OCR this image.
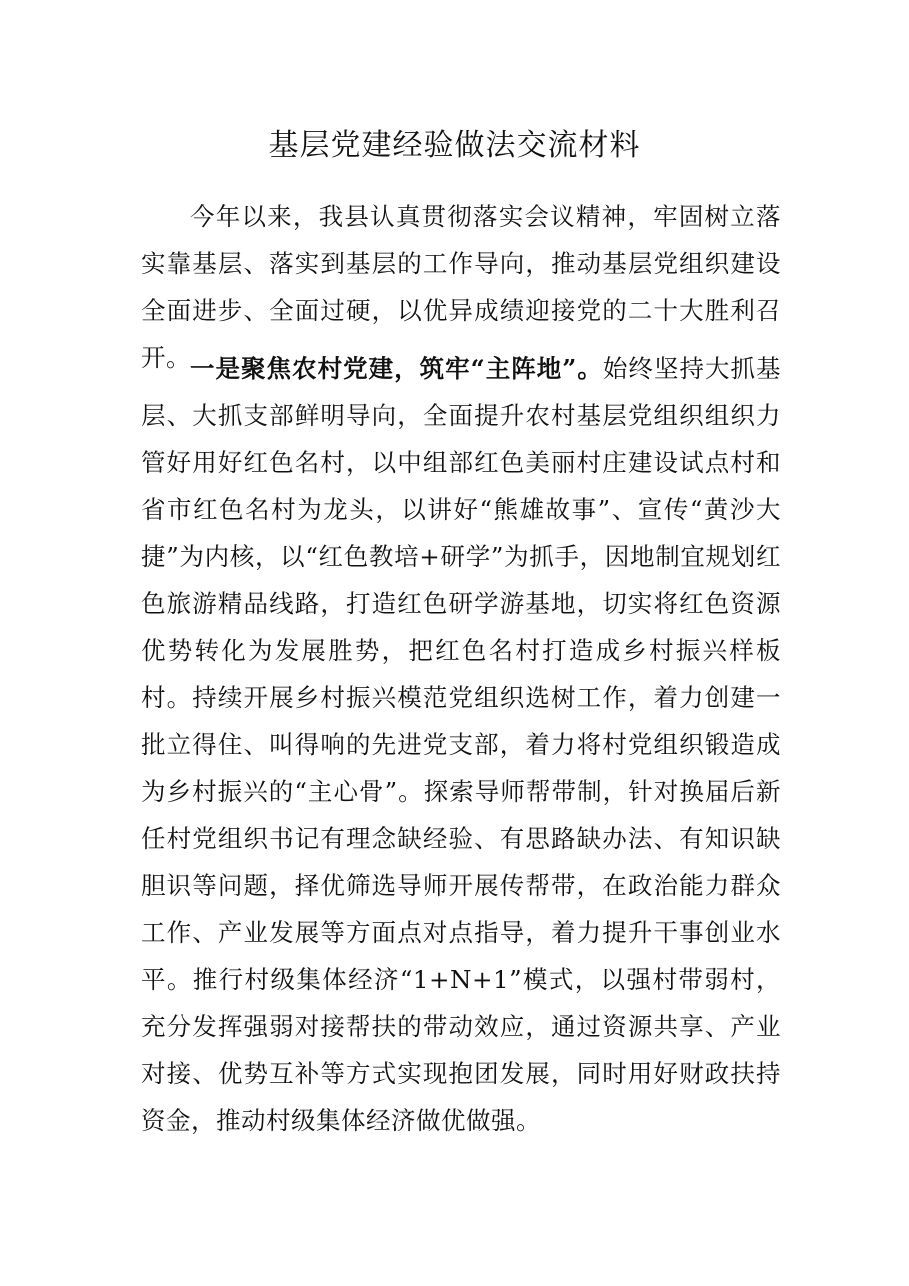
基层党建经验做法交流材料

今年以来，我县认真贯彻落实会议精神，牢固树立落实靠基层、落实到基层的工作导向，推动基层党组织建设全面进步、全面过硬，以优异成绩迎接党的二十大胜利召开。 一是聚焦农村党建，筑牢“主阵地”。始终坚持大抓基层、大抓支部鲜明导向，全面提升农村基层党组织组织力管好用好红色名村，以中组部红色美丽村庄建设试点村和省市红色名村为龙头，以讲好“熊雄故事”、宣传“黄沙大捷”为内核，以“红色教培+研学”为抓手，因地制宜规划红色旅游精品线路，打造红色研学游基地，切实将红色资源优势转化为发展胜势，把红色名村打造成乡村振兴样板村。持续开展乡村振兴模范党组织选树工作，着力创建一批立得住、叫得响的先进党支部，着力将村党组织锻造成为乡村振兴的“主心骨”。探索导师帮带制，针对换届后新任村党组织书记有理念缺经验、有思路缺办法、有知识缺胆识等问题，择优筛选导师开展传帮带，在政治能力群众工作、产业发展等方面点对点指导，着力提升干事创业水平。推行村级集体经济“1+N+1”模式，以强村带弱村，充分发挥强弱对接帮扶的带动效应，通过资源共享、产业对接、优势互补等方式实现抱团发展，同时用好财政扶持资金，推动村级集体经济做优做强。
